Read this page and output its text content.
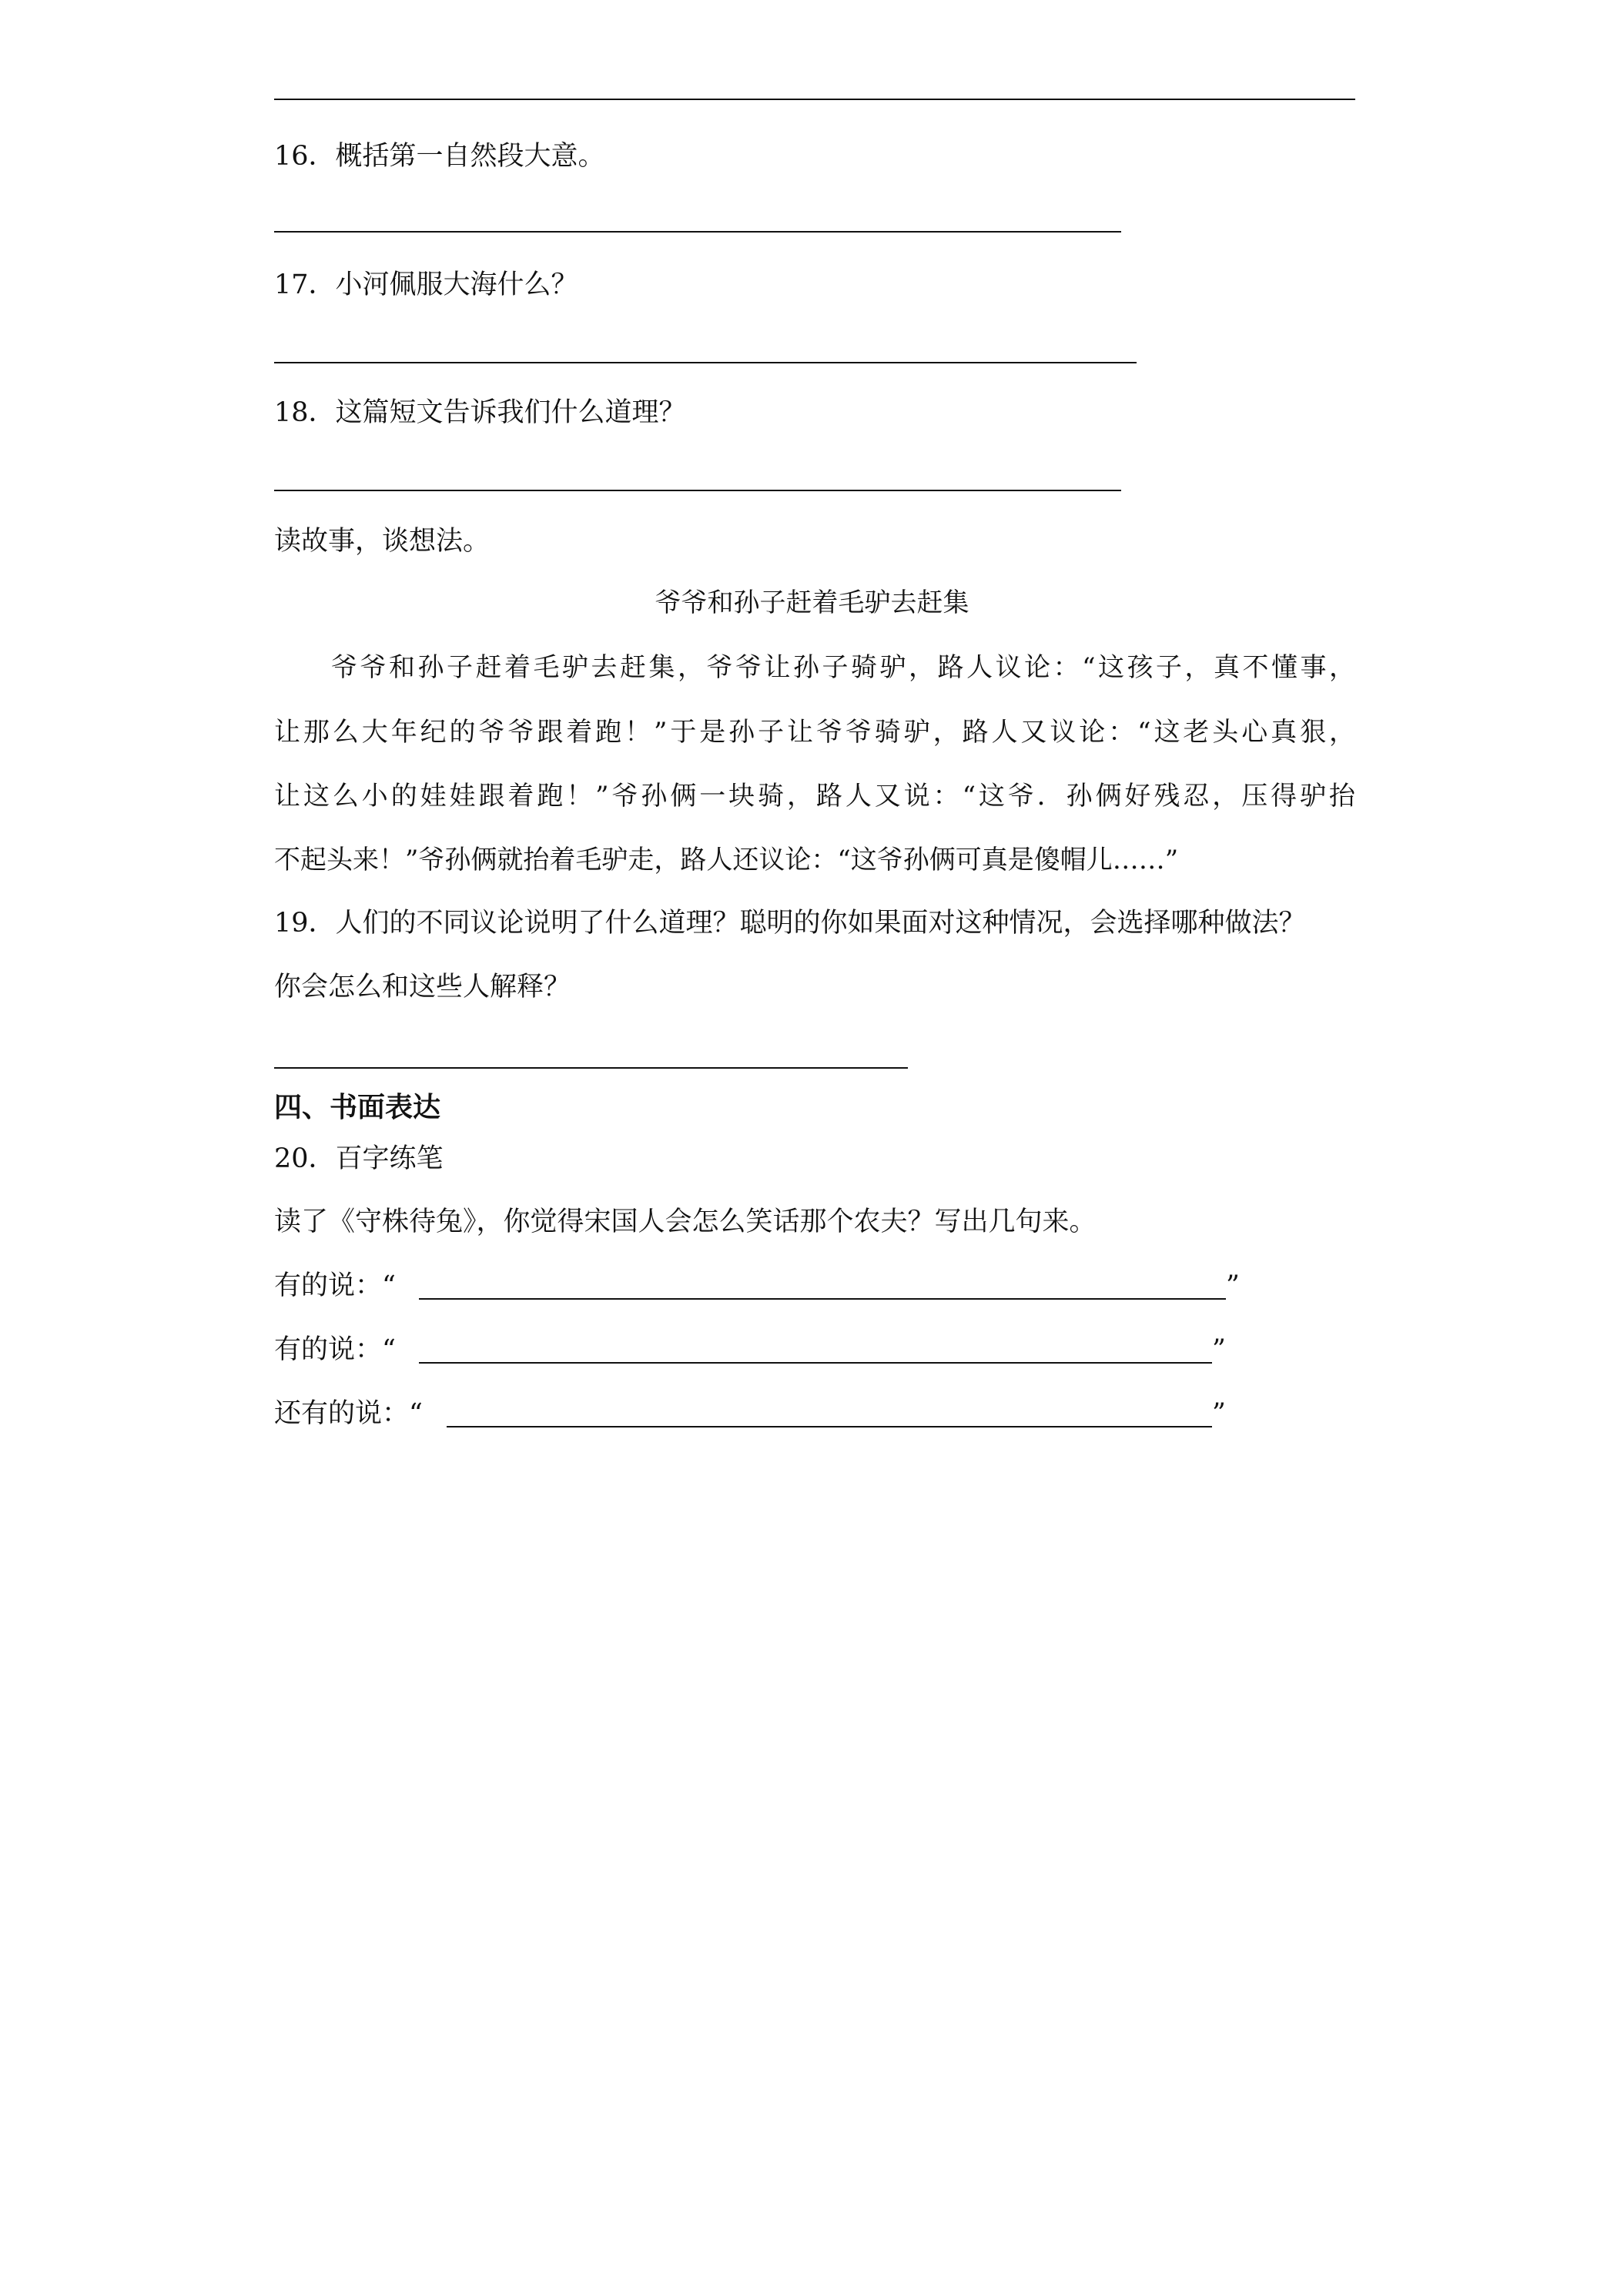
16．概括第一自然段大意。
17．小河佩服大海什么？
18．这篇短文告诉我们什么道理？
读故事，谈想法。
爷爷和孙子赶着毛驴去赶集
爷爷和孙子赶着毛驴去赶集，爷爷让孙子骑驴，路人议论：“这孩子，真不懂事，
让那么大年纪的爷爷跟着跑！”于是孙子让爷爷骑驴，路人又议论：“这老头心真狠，
让这么小的娃娃跟着跑！”爷孙俩一块骑，路人又说：“这爷．孙俩好残忍，压得驴抬
不起头来！”爷孙俩就抬着毛驴走，路人还议论：“这爷孙俩可真是傻帽儿……”
19．人们的不同议论说明了什么道理？聪明的你如果面对这种情况，会选择哪种做法？
你会怎么和这些人解释？
四、书面表达
20．百字练笔
读了《守株待兔》，你觉得宋国人会怎么笑话那个农夫？写出几句来。
有的说：“	”
有的说：“	”
还有的说：“	”
